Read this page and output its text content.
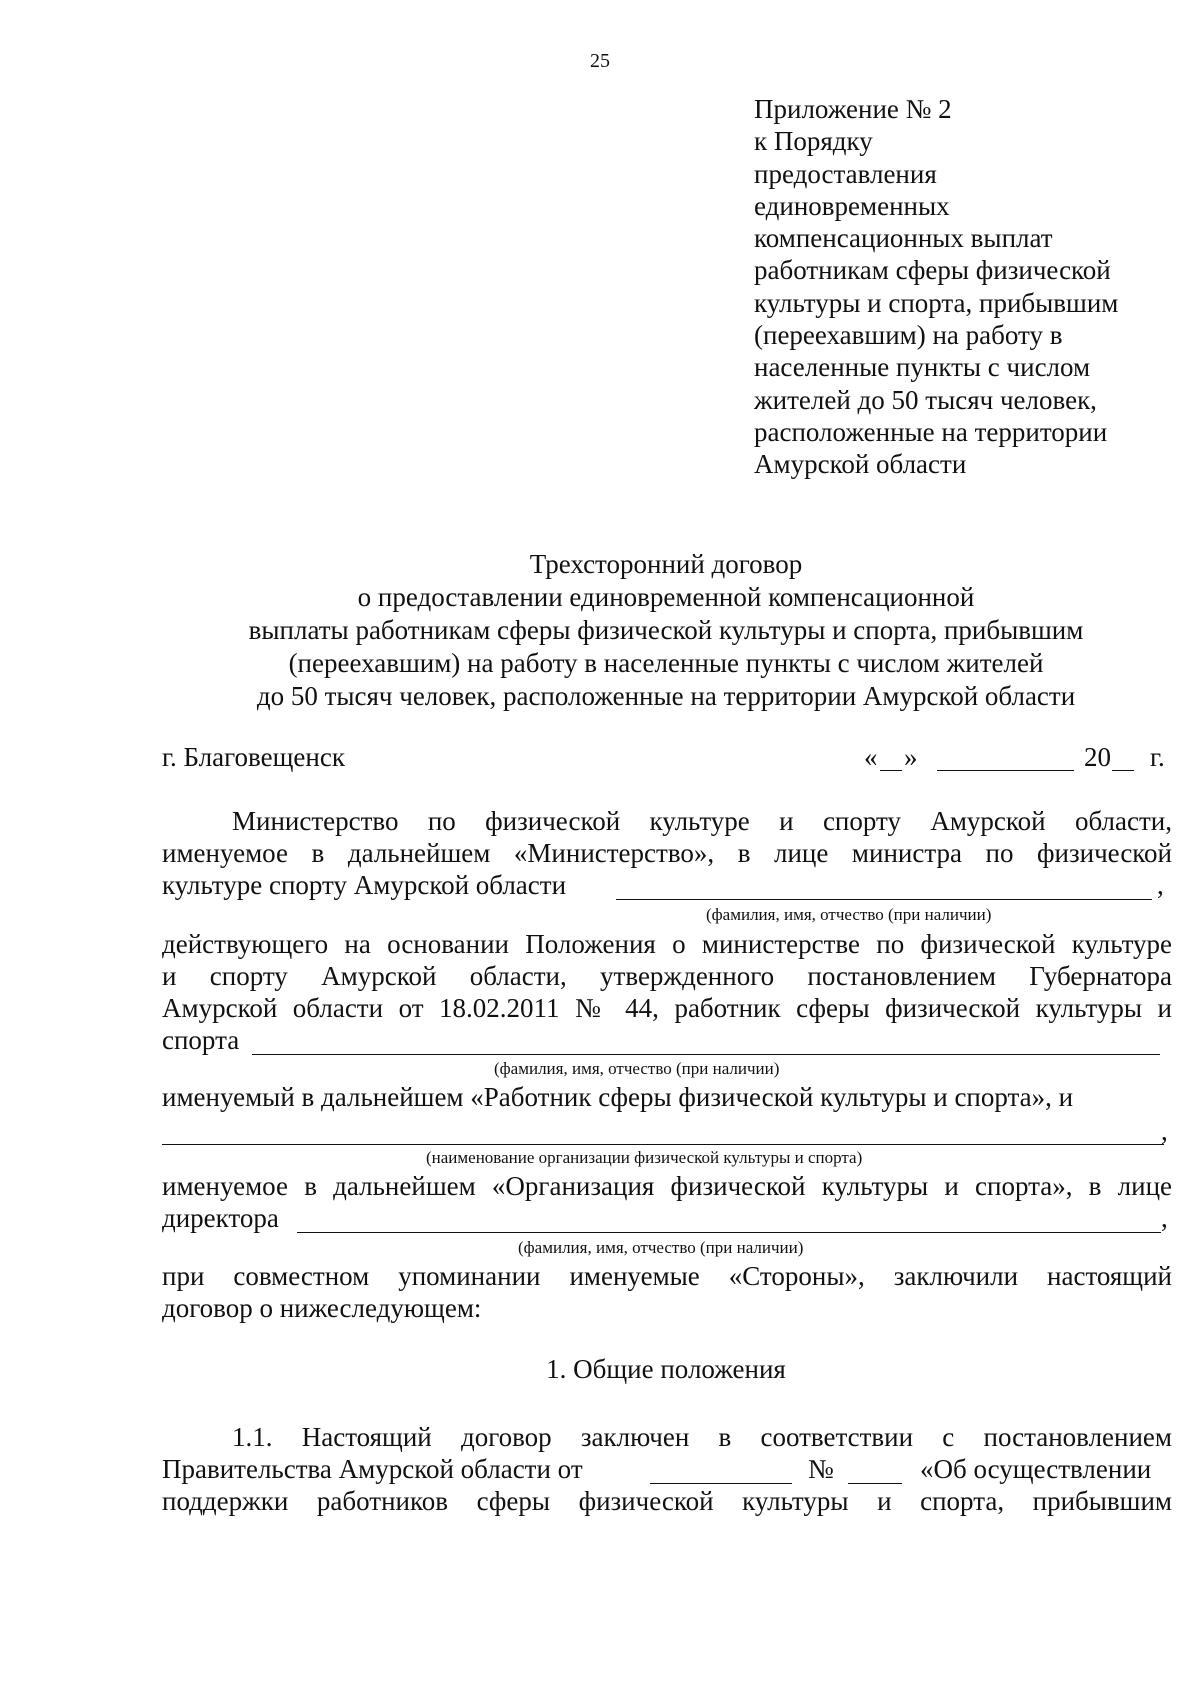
25
Приложение № 2
к Порядку
предоставления
единовременных
компенсационных выплат
работникам сферы физической
культуры и спорта, прибывшим
(переехавшим) на работу в
населенные пункты с числом
жителей до 50 тысяч человек,
расположенные на территории
Амурской области
Трехсторонний договор
о предоставлении единовременной компенсационной
выплаты работникам сферы физической культуры и спорта, прибывшим
(переехавшим) на работу в населенные пункты с числом жителей
до 50 тысяч человек, расположенные на территории Амурской области
г. Благовещенск	« »	20 г.
Министерство по физической культуре и спорту Амурской области,
именуемое в дальнейшем «Министерство», в лице министра по физической
культуре спорту Амурской области	,
(фамилия, имя, отчество (при наличии)
действующего на основании Положения о министерстве по физической культуре
и спорту Амурской области, утвержденного постановлением Губернатора
Амурской области от 18.02.2011 № 44, работник сферы физической культуры и
спорта
(фамилия, имя, отчество (при наличии)
именуемый в дальнейшем «Работник сферы физической культуры и спорта», и
,
(наименование организации физической культуры и спорта)
именуемое в дальнейшем «Организация физической культуры и спорта», в лице
директора	,
(фамилия, имя, отчество (при наличии)
при совместном упоминании именуемые «Стороны», заключили настоящий
договор о нижеследующем:
1. Общие положения
1.1. Настоящий договор заключен в соответствии с постановлением
Правительства Амурской области от	№	«Об осуществлении
поддержки работников сферы физической культуры и спорта, прибывшим
